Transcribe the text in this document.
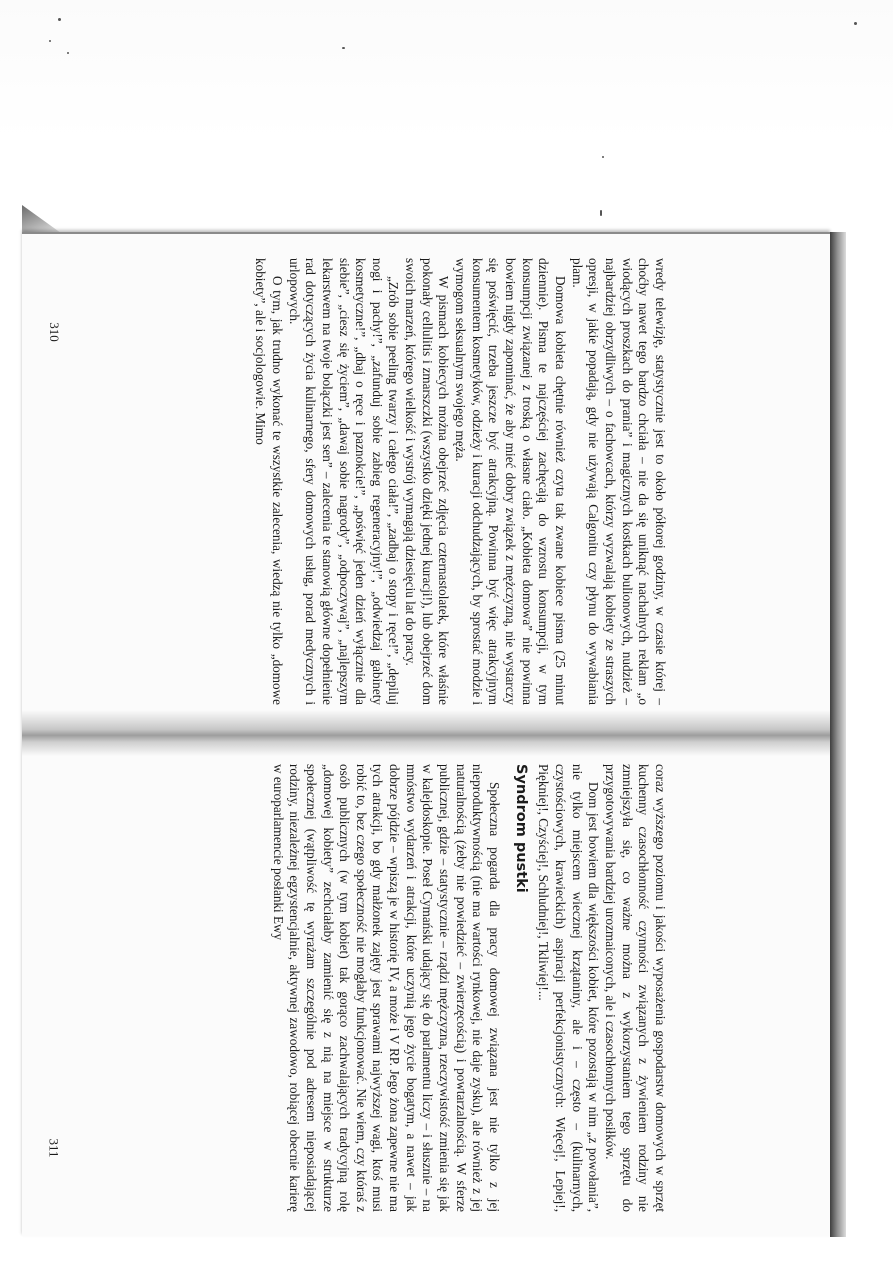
wredy telewizję, statystycznie jest to około półtorej godziny, w czasie której – choćby nawet tego bardzo chciała – nie da się uniknąć nachalnych reklam „o wiodących proszkach do prania” i magicznych kostkach bulionowych, nudzież – najbardziej obrzydliwych – o fachowcach, którzy wyzwalają kobiety ze straszych opresji, w jakie popadają, gdy nie używają Calgonitu czy płynu do wywabiania plam.

Domowa kobieta chętnie również czyta tak zwane kobiece pisma (25 minut dziennie). Pisma te najczęściej zachęcają do wzrostu konsumpcji, w tym konsumpcji związanej z troską o własne ciało. „Kobieta domowa” nie powinna bowiem nigdy zapominać, że aby mieć dobry związek z mężczyzną, nie wystarczy się poświęcić, trzeba jeszcze być atrakcyjną. Powinna być więc atrakcyjnym konsumentem kosmetyków, odzieży i kuracji odchudzających, by sprostać modzie i wymogom seksualnym swojego męża.

W pismach kobiecych można obejrzeć zdjęcia czternastolatek, które właśnie pokonały cellulitis i zmarszczki (wszystko dzięki jednej kuracji!), lub obejrzeć dom swoich marzeń, którego wielkość i wystrój wymagają dziesięciu lat do pracy.

„Zrób sobie peeling twarzy i całego ciała!”, „zadbaj o stopy i ręce!”, „depiluj nogi i pachy!”, „zafunduj sobie zabieg regeneracyjny!”, „odwiedzaj gabinety kosmetyczne!”, „dbaj o ręce i paznokcie!”, „poświęć jeden dzień wyłącznie dla siebie”, „ciesz się życiem”, „dawaj sobie nagrody”, „odpoczywaj”, „najlepszym lekarstwem na twoje bolączki jest sen” – zalecenia te stanowią główne dopełnienie rad dotyczących życia kulinarnego, sfery domowych usług, porad medycznych i urlopowych.

O tym, jak trudno wykonać te wszystkie zalecenia, wiedzą nie tylko „domowe kobiety”, ale i socjologowie. Mimo

310

coraz wyższego poziomu i jakości wyposażenia gospodarstw domowych w sprzęt kuchenny czasochłonność czynności związanych z żywieniem rodziny nie zmniejszyła się, co ważne można z wykorzystaniem tego sprzętu do przygotowywania bardziej urozmaiconych, ale i czasochłonnych posiłków.

Dom jest bowiem dla większości kobiet, które pozostają w nim „z powołania”, nie tylko miejscem wiecznej krzątaniny, ale i – często – (kulinarnych, czystościowych, krawieckich) aspiracji perfekcjonistycznych: Więcej!, Lepiej!, Piękniej!, Czyściej!, Schludniej!, Tkliwiej!...

Syndrom pustki

Społeczna pogarda dla pracy domowej związana jest nie tylko z jej nieproduktywnością (nie ma wartości rynkowej, nie daje zysku), ale również z jej naturalnością (żeby nie powiedzieć – zwierzęcością) i powtarzalnością. W sferze publicznej, gdzie – statystycznie – rządzi mężczyzna, rzeczywistość zmienia się jak w kalejdoskopie. Poseł Cymański udający się do parlamentu liczy – i słusznie – na mnóstwo wydarzeń i atrakcji, które uczynią jego życie bogatym, a nawet – jak dobrze pójdzie – wpiszą je w historię IV, a może i V RP. Jego żona zapewne nie ma tych atrakcji, bo gdy małżonek zajęty jest sprawami najwyższej wagi, ktoś musi robić to, bez czego społeczność nie mogłaby funkcjonować. Nie wiem, czy któraś z osób publicznych (w tym kobiet) tak gorąco zachwalających tradycyjną rolę „domowej kobiety” zechciałaby zamienić się z nią na miejsce w strukturze społecznej (wątpliwość tę wyrażam szczególnie pod adresem nieposiadającej rodziny, niezależnej egzystencjalnie, aktywnej zawodowo, robiącej obecnie karierę w europarlamencie posłanki Ewy

311
